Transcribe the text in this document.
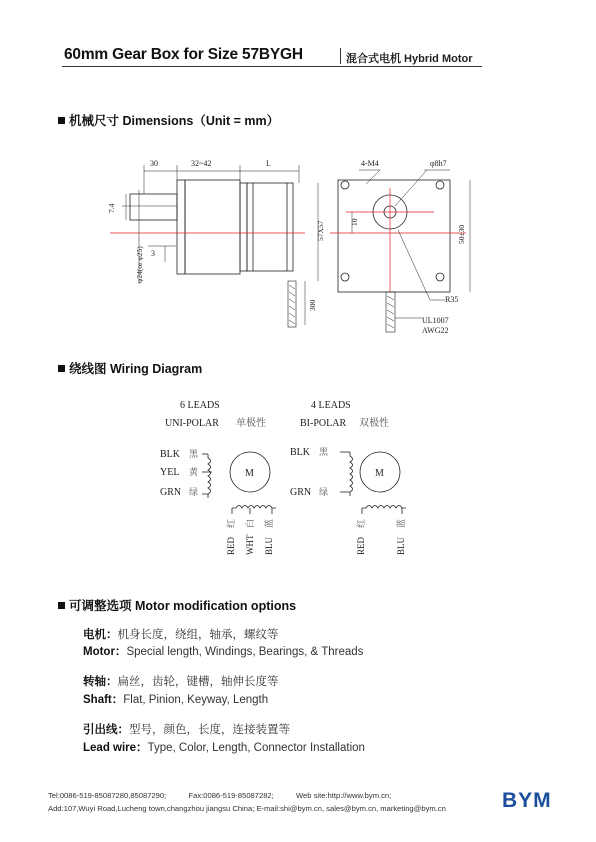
60mm Gear Box for Size 57BYGH	混合式电机 Hybrid Motor
机械尺寸 Dimensions（Unit = mm）
30	32~42	L	4-M4	φ8h7
3
10
57X57	50±30
7.4
φ24(or φ25)
300
R35
UL1007
AWG22
绕线图 Wiring Diagram
6 LEADS
UNI-POLAR 单极性
4 LEADS
BI-POLAR 双极性
BLK 黑
YEL 黄
GRN 绿
M
RED
红
WHT
白
BLU
蓝
BLK 黑
GRN 绿
M
RED
红
BLU
蓝
可调整选项 Motor modification options
电机：机身长度，绕组，轴承，螺纹等
Motor：Special length, Windings, Bearings, & Threads
转轴：扁丝，齿轮，键槽，轴伸长度等
Shaft：Flat, Pinion, Keyway, Length
引出线：型号，颜色，长度，连接装置等
Lead wire：Type, Color, Length, Connector Installation
Tel:0086-519-85087280,85087290;	Fax:0086-519-85087282;	Web site:http://www.bym.cn;
Add:107,Wuyi Road,Lucheng town,changzhou jiangsu China; E-mail:shi@bym.cn, sales@bym.cn, marketing@bym.cn	BYM
